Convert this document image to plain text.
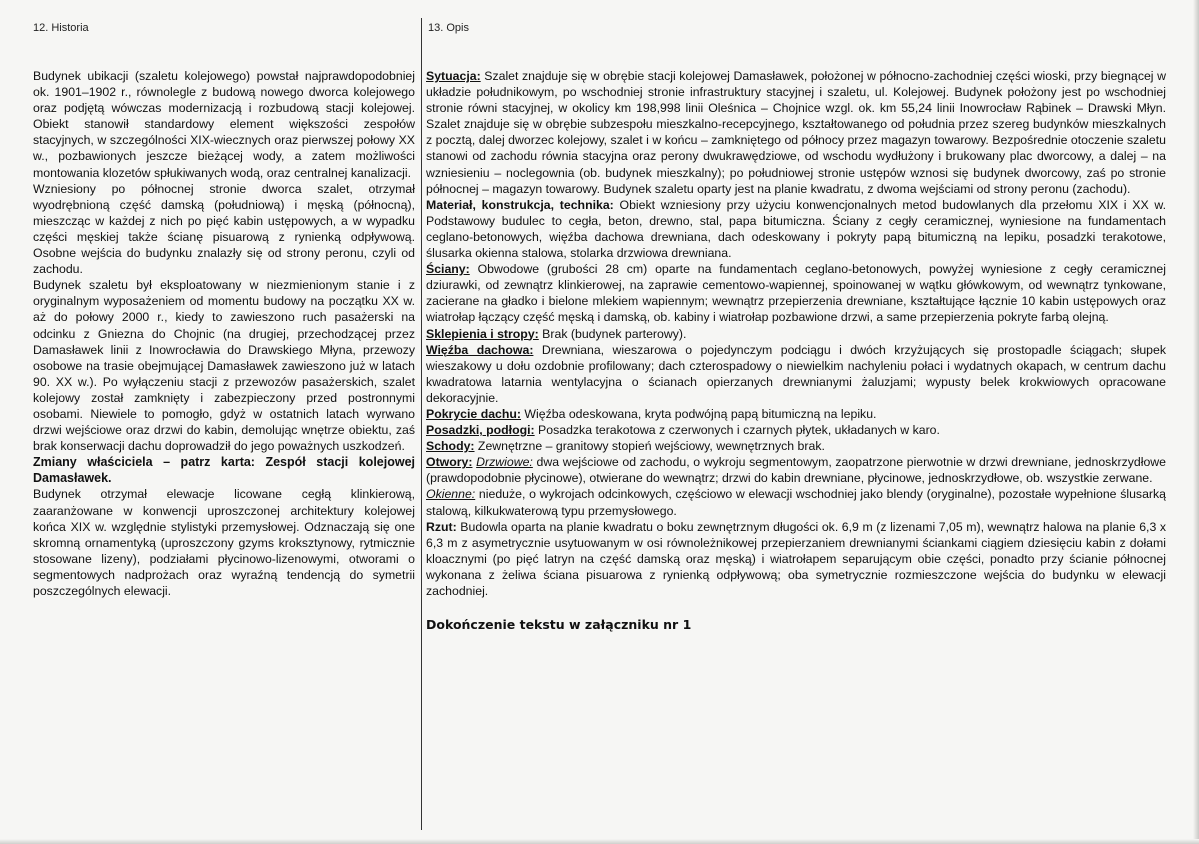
12. Historia	13. Opis

Budynek ubikacji (szaletu kolejowego) powstał najprawdopodobniej ok. 1901–1902 r., równolegle z budową nowego dworca kolejowego oraz podjętą wówczas modernizacją i rozbudową stacji kolejowej. Obiekt stanowił standardowy element większości zespołów stacyjnych, w szczególności XIX-wiecznych oraz pierwszej połowy XX w., pozbawionych jeszcze bieżącej wody, a zatem możliwości montowania klozetów spłukiwanych wodą, oraz centralnej kanalizacji.

Wzniesiony po północnej stronie dworca szalet, otrzymał wyodrębnioną część damską (południową) i męską (północną), mieszcząc w każdej z nich po pięć kabin ustępowych, a w wypadku części męskiej także ścianę pisuarową z rynienką odpływową. Osobne wejścia do budynku znalazły się od strony peronu, czyli od zachodu.

Budynek szaletu był eksploatowany w niezmienionym stanie i z oryginalnym wyposażeniem od momentu budowy na początku XX w. aż do połowy 2000 r., kiedy to zawieszono ruch pasażerski na odcinku z Gniezna do Chojnic (na drugiej, przechodzącej przez Damasławek linii z Inowrocławia do Drawskiego Młyna, przewozy osobowe na trasie obejmującej Damasławek zawieszono już w latach 90. XX w.). Po wyłączeniu stacji z przewozów pasażerskich, szalet kolejowy został zamknięty i zabezpieczony przed postronnymi osobami. Niewiele to pomogło, gdyż w ostatnich latach wyrwano drzwi wejściowe oraz drzwi do kabin, demolując wnętrze obiektu, zaś brak konserwacji dachu doprowadził do jego poważnych uszkodzeń.

Zmiany właściciela – patrz karta: Zespół stacji kolejowej Damasławek.

Budynek otrzymał elewacje licowane cegłą klinkierową, zaaranżowane w konwencji uproszczonej architektury kolejowej końca XIX w. względnie stylistyki przemysłowej. Odznaczają się one skromną ornamentyką (uproszczony gzyms kroksztynowy, rytmicznie stosowane lizeny), podziałami płycinowo-lizenowymi, otworami o segmentowych nadprożach oraz wyraźną tendencją do symetrii poszczególnych elewacji.

Sytuacja: Szalet znajduje się w obrębie stacji kolejowej Damasławek, położonej w północno-zachodniej części wioski, przy biegnącej w układzie południkowym, po wschodniej stronie infrastruktury stacyjnej i szaletu, ul. Kolejowej. Budynek położony jest po wschodniej stronie równi stacyjnej, w okolicy km 198,998 linii Oleśnica – Chojnice wzgl. ok. km 55,24 linii Inowrocław Rąbinek – Drawski Młyn. Szalet znajduje się w obrębie subzespołu mieszkalno-recepcyjnego, kształtowanego od południa przez szereg budynków mieszkalnych z pocztą, dalej dworzec kolejowy, szalet i w końcu – zamkniętego od północy przez magazyn towarowy. Bezpośrednie otoczenie szaletu stanowi od zachodu równia stacyjna oraz perony dwukrawędziowe, od wschodu wydłużony i brukowany plac dworcowy, a dalej – na wzniesieniu – noclegownia (ob. budynek mieszkalny); po południowej stronie ustępów wznosi się budynek dworcowy, zaś po stronie północnej – magazyn towarowy. Budynek szaletu oparty jest na planie kwadratu, z dwoma wejściami od strony peronu (zachodu).

Materiał, konstrukcja, technika: Obiekt wzniesiony przy użyciu konwencjonalnych metod budowlanych dla przełomu XIX i XX w. Podstawowy budulec to cegła, beton, drewno, stal, papa bitumiczna. Ściany z cegły ceramicznej, wyniesione na fundamentach ceglano-betonowych, więźba dachowa drewniana, dach odeskowany i pokryty papą bitumiczną na lepiku, posadzki terakotowe, ślusarka okienna stalowa, stolarka drzwiowa drewniana.

Ściany: Obwodowe (grubości 28 cm) oparte na fundamentach ceglano-betonowych, powyżej wyniesione z cegły ceramicznej dziurawki, od zewnątrz klinkierowej, na zaprawie cementowo-wapiennej, spoinowanej w wątku główkowym, od wewnątrz tynkowane, zacierane na gładko i bielone mlekiem wapiennym; wewnątrz przepierzenia drewniane, kształtujące łącznie 10 kabin ustępowych oraz wiatrołap łączący część męską i damską, ob. kabiny i wiatrołap pozbawione drzwi, a same przepierzenia pokryte farbą olejną.

Sklepienia i stropy: Brak (budynek parterowy).

Więźba dachowa: Drewniana, wieszarowa o pojedynczym podciągu i dwóch krzyżujących się prostopadle ściągach; słupek wieszakowy u dołu ozdobnie profilowany; dach czterospadowy o niewielkim nachyleniu połaci i wydatnych okapach, w centrum dachu kwadratowa latarnia wentylacyjna o ścianach opierzanych drewnianymi żaluzjami; wypusty belek krokwiowych opracowane dekoracyjnie.

Pokrycie dachu: Więźba odeskowana, kryta podwójną papą bitumiczną na lepiku.

Posadzki, podłogi: Posadzka terakotowa z czerwonych i czarnych płytek, układanych w karo.

Schody: Zewnętrzne – granitowy stopień wejściowy, wewnętrznych brak.

Otwory: Drzwiowe: dwa wejściowe od zachodu, o wykroju segmentowym, zaopatrzone pierwotnie w drzwi drewniane, jednoskrzydłowe (prawdopodobnie płycinowe), otwierane do wewnątrz; drzwi do kabin drewniane, płycinowe, jednoskrzydłowe, ob. wszystkie zerwane.

Okienne: nieduże, o wykrojach odcinkowych, częściowo w elewacji wschodniej jako blendy (oryginalne), pozostałe wypełnione ślusarką stalową, kilkukwaterową typu przemysłowego.

Rzut: Budowla oparta na planie kwadratu o boku zewnętrznym długości ok. 6,9 m (z lizenami 7,05 m), wewnątrz halowa na planie 6,3 x 6,3 m z asymetrycznie usytuowanym w osi równoleżnikowej przepierzaniem drewnianymi ściankami ciągiem dziesięciu kabin z dołami kloacznymi (po pięć latryn na część damską oraz męską) i wiatrołapem separującym obie części, ponadto przy ścianie północnej wykonana z żeliwa ściana pisuarowa z rynienką odpływową; oba symetrycznie rozmieszczone wejścia do budynku w elewacji zachodniej.

Dokończenie tekstu w załączniku nr 1
